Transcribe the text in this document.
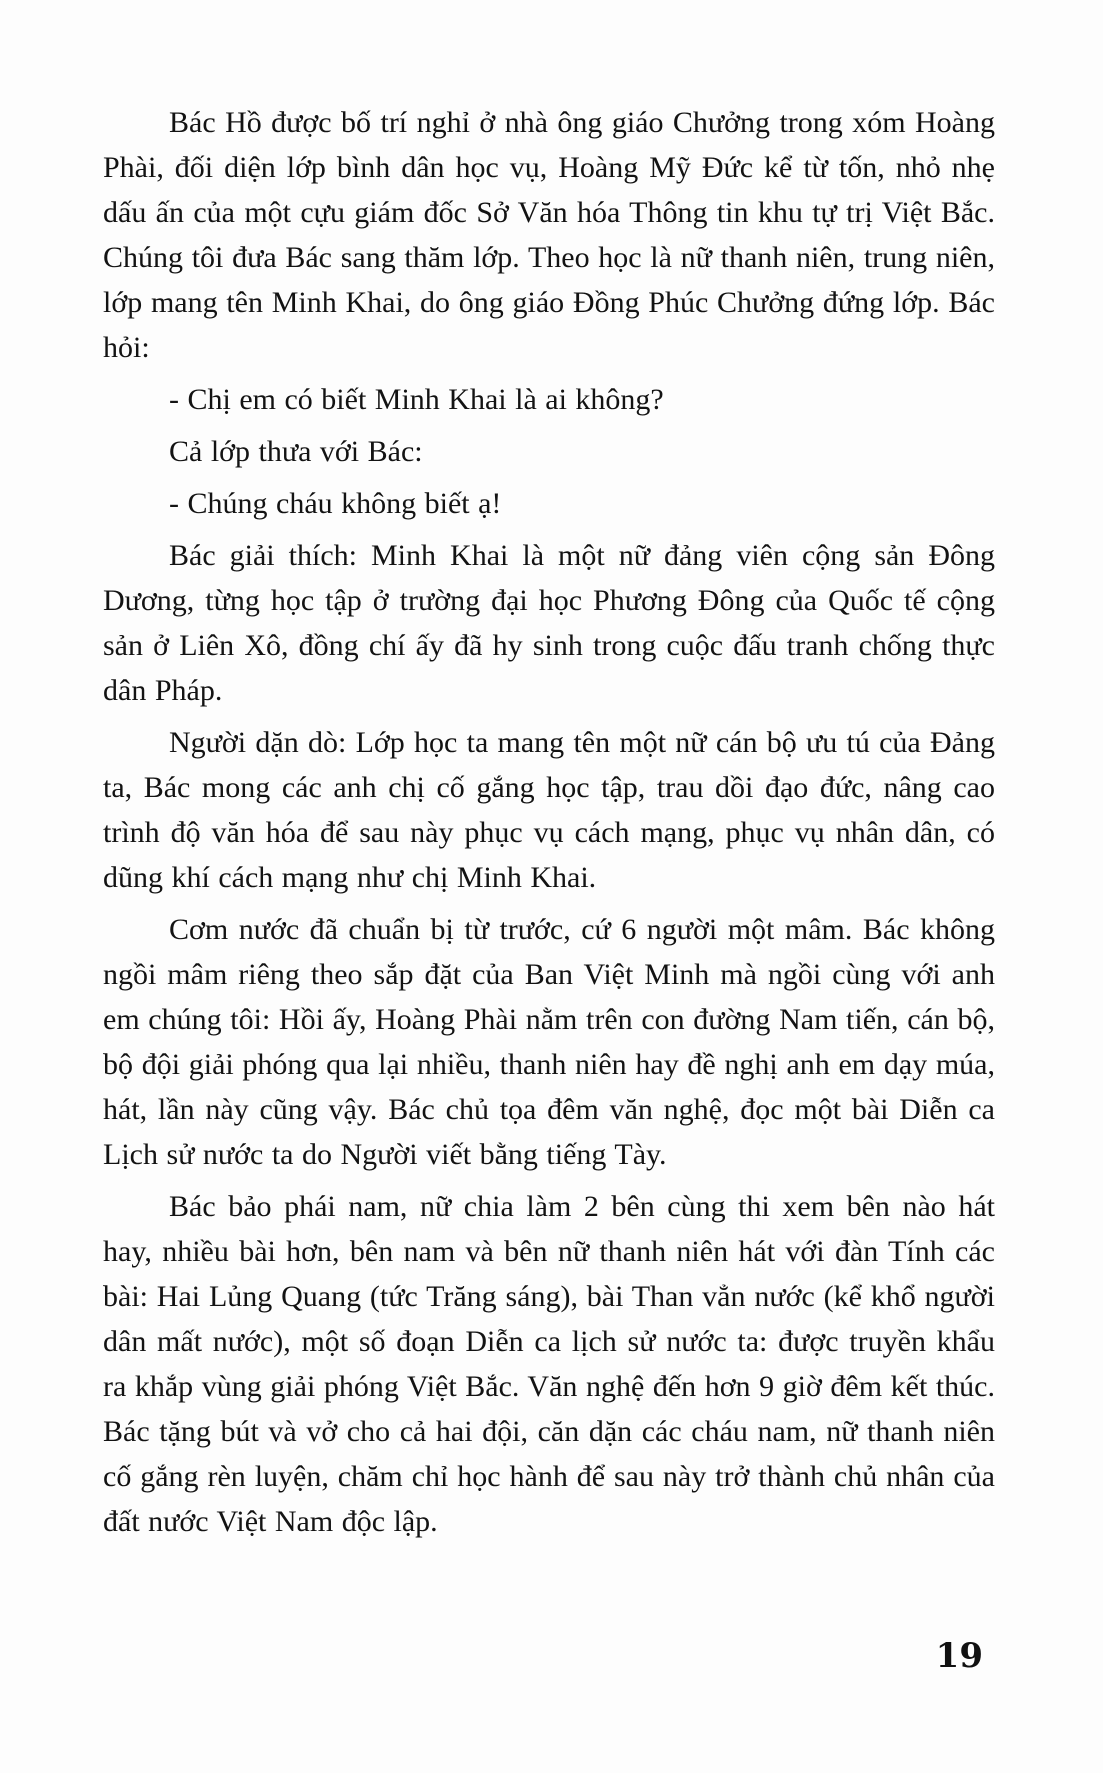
Bác Hồ được bố trí nghỉ ở nhà ông giáo Chưởng trong xóm Hoàng Phài, đối diện lớp bình dân học vụ, Hoàng Mỹ Đức kể từ tốn, nhỏ nhẹ dấu ấn của một cựu giám đốc Sở Văn hóa Thông tin khu tự trị Việt Bắc. Chúng tôi đưa Bác sang thăm lớp. Theo học là nữ thanh niên, trung niên, lớp mang tên Minh Khai, do ông giáo Đồng Phúc Chưởng đứng lớp. Bác hỏi:

- Chị em có biết Minh Khai là ai không?

Cả lớp thưa với Bác:

- Chúng cháu không biết ạ!

Bác giải thích: Minh Khai là một nữ đảng viên cộng sản Đông Dương, từng học tập ở trường đại học Phương Đông của Quốc tế cộng sản ở Liên Xô, đồng chí ấy đã hy sinh trong cuộc đấu tranh chống thực dân Pháp.

Người dặn dò: Lớp học ta mang tên một nữ cán bộ ưu tú của Đảng ta, Bác mong các anh chị cố gắng học tập, trau dồi đạo đức, nâng cao trình độ văn hóa để sau này phục vụ cách mạng, phục vụ nhân dân, có dũng khí cách mạng như chị Minh Khai.

Cơm nước đã chuẩn bị từ trước, cứ 6 người một mâm. Bác không ngồi mâm riêng theo sắp đặt của Ban Việt Minh mà ngồi cùng với anh em chúng tôi: Hồi ấy, Hoàng Phài nằm trên con đường Nam tiến, cán bộ, bộ đội giải phóng qua lại nhiều, thanh niên hay đề nghị anh em dạy múa, hát, lần này cũng vậy. Bác chủ tọa đêm văn nghệ, đọc một bài Diễn ca Lịch sử nước ta do Người viết bằng tiếng Tày.

Bác bảo phái nam, nữ chia làm 2 bên cùng thi xem bên nào hát hay, nhiều bài hơn, bên nam và bên nữ thanh niên hát với đàn Tính các bài: Hai Lủng Quang (tức Trăng sáng), bài Than vẳn nước (kể khổ người dân mất nước), một số đoạn Diễn ca lịch sử nước ta: được truyền khẩu ra khắp vùng giải phóng Việt Bắc. Văn nghệ đến hơn 9 giờ đêm kết thúc. Bác tặng bút và vở cho cả hai đội, căn dặn các cháu nam, nữ thanh niên cố gắng rèn luyện, chăm chỉ học hành để sau này trở thành chủ nhân của đất nước Việt Nam độc lập.

19
